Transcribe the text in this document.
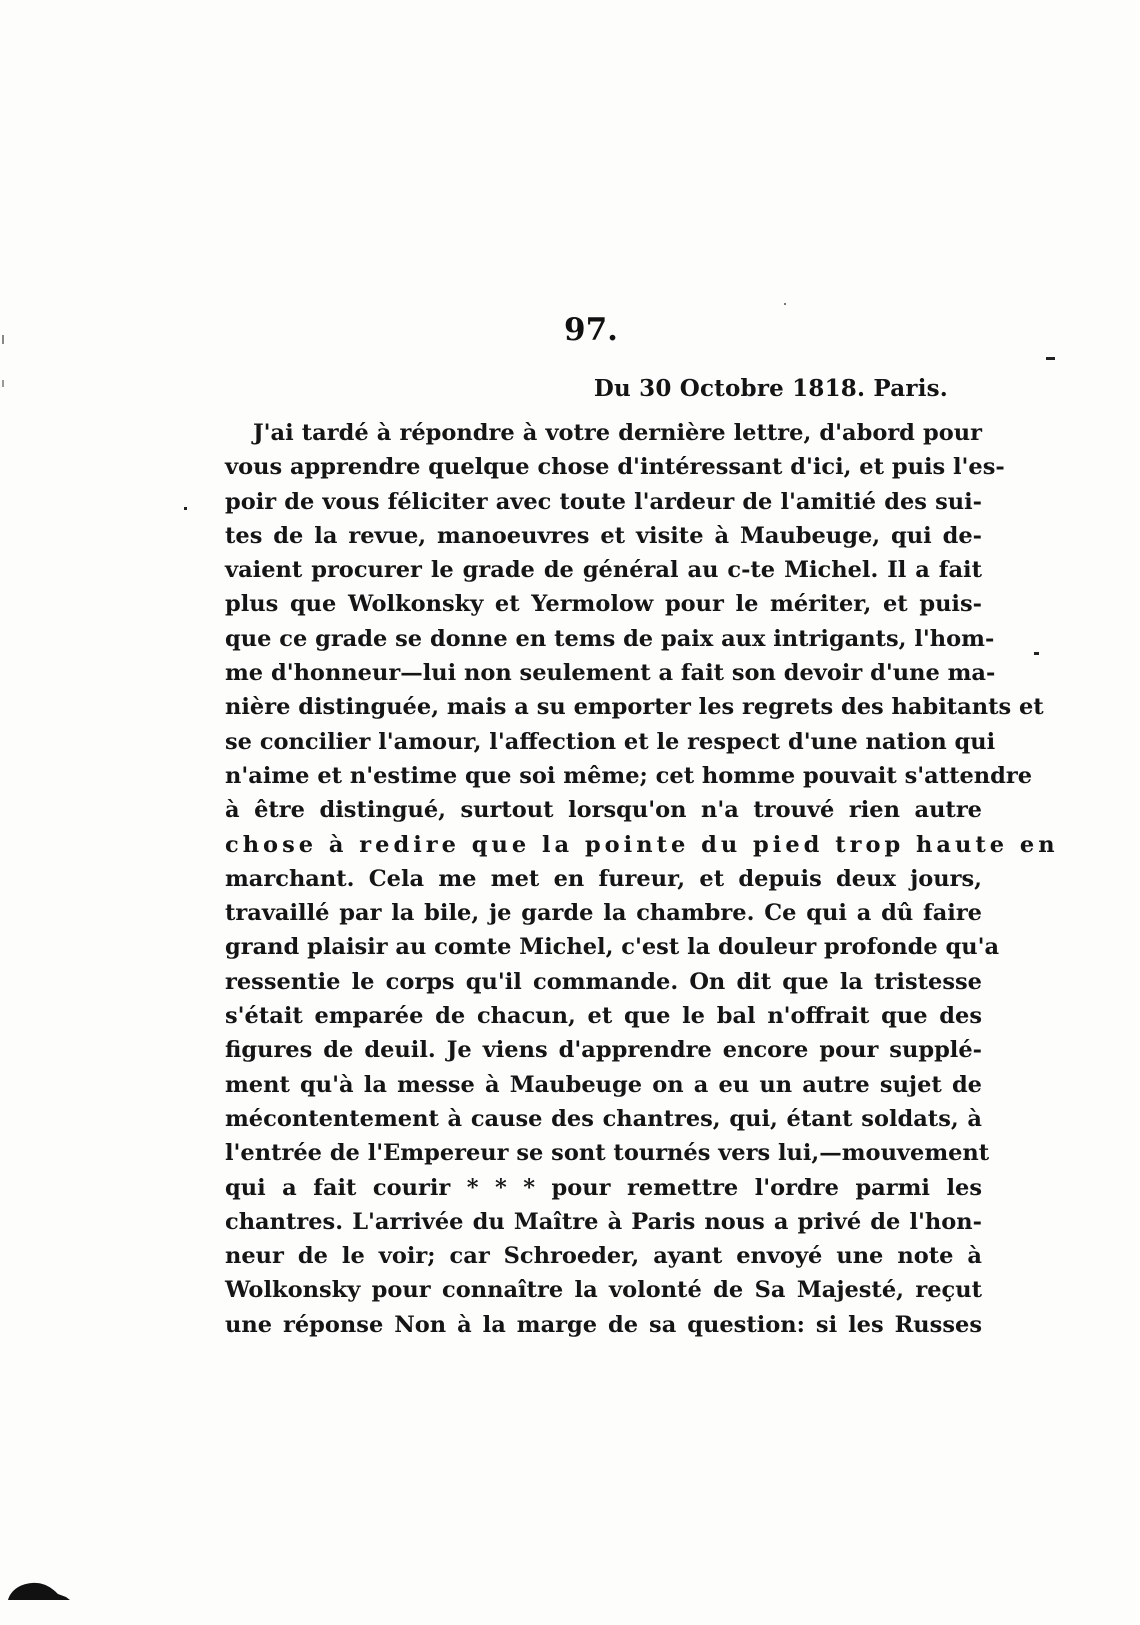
97.
Du 30 Octobre 1818. Paris.
J'ai tardé à répondre à votre dernière lettre, d'abord pour
vous apprendre quelque chose d'intéressant d'ici, et puis l'es-
poir de vous féliciter avec toute l'ardeur de l'amitié des sui-
tes de la revue, manoeuvres et visite à Maubeuge, qui de-
vaient procurer le grade de général au c-te Michel. Il a fait
plus que Wolkonsky et Yermolow pour le mériter, et puis-
que ce grade se donne en tems de paix aux intrigants, l'hom-
me d'honneur—lui non seulement a fait son devoir d'une ma-
nière distinguée, mais a su emporter les regrets des habitants et
se concilier l'amour, l'affection et le respect d'une nation qui
n'aime et n'estime que soi même; cet homme pouvait s'attendre
à être distingué, surtout lorsqu'on n'a trouvé rien autre
chose à redire que la pointe du pied trop haute en
marchant. Cela me met en fureur, et depuis deux jours,
travaillé par la bile, je garde la chambre. Ce qui a dû faire
grand plaisir au comte Michel, c'est la douleur profonde qu'a
ressentie le corps qu'il commande. On dit que la tristesse
s'était emparée de chacun, et que le bal n'offrait que des
figures de deuil. Je viens d'apprendre encore pour supplé-
ment qu'à la messe à Maubeuge on a eu un autre sujet de
mécontentement à cause des chantres, qui, étant soldats, à
l'entrée de l'Empereur se sont tournés vers lui,—mouvement
qui a fait courir * * * pour remettre l'ordre parmi les
chantres. L'arrivée du Maître à Paris nous a privé de l'hon-
neur de le voir; car Schroeder, ayant envoyé une note à
Wolkonsky pour connaître la volonté de Sa Majesté, reçut
une réponse Non à la marge de sa question: si les Russes
